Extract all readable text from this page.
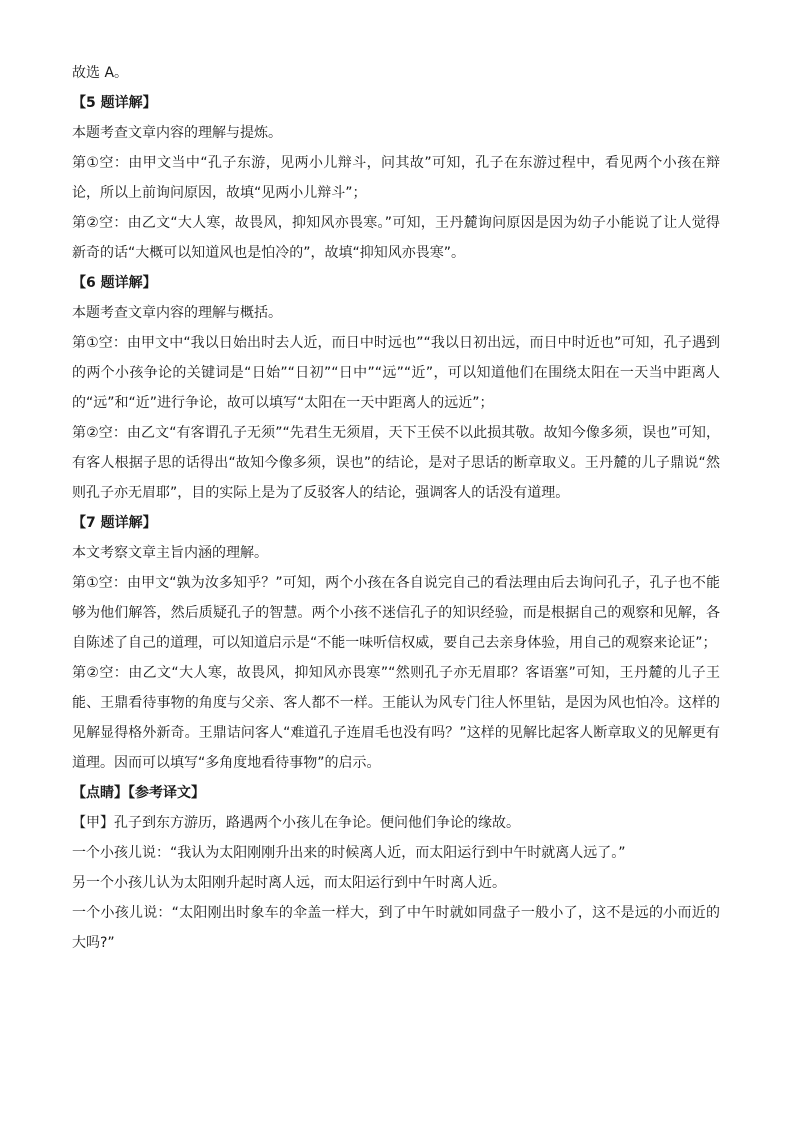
故选 A。

【5 题详解】

本题考查文章内容的理解与提炼。

第①空：由甲文当中“孔子东游，见两小儿辩斗，问其故”可知，孔子在东游过程中，看见两个小孩在辩论，所以上前询问原因，故填“见两小儿辩斗”；

第②空：由乙文“大人寒，故畏风，抑知风亦畏寒。”可知，王丹麓询问原因是因为幼子小能说了让人觉得新奇的话“大概可以知道风也是怕冷的”，故填“抑知风亦畏寒”。

【6 题详解】

本题考查文章内容的理解与概括。

第①空：由甲文中“我以日始出时去人近，而日中时远也”“我以日初出远，而日中时近也”可知，孔子遇到的两个小孩争论的关键词是“日始”“日初”“日中”“远”“近”，可以知道他们在围绕太阳在一天当中距离人的“远”和“近”进行争论，故可以填写“太阳在一天中距离人的远近”；

第②空：由乙文“有客谓孔子无须”“先君生无须眉，天下王侯不以此损其敬。故知今像多须，误也”可知，有客人根据子思的话得出“故知今像多须，误也”的结论，是对子思话的断章取义。王丹麓的儿子鼎说“然则孔子亦无眉耶”，目的实际上是为了反驳客人的结论，强调客人的话没有道理。

【7 题详解】

本文考察文章主旨内涵的理解。

第①空：由甲文“孰为汝多知乎？”可知，两个小孩在各自说完自己的看法理由后去询问孔子，孔子也不能够为他们解答，然后质疑孔子的智慧。两个小孩不迷信孔子的知识经验，而是根据自己的观察和见解，各自陈述了自己的道理，可以知道启示是“不能一味听信权威，要自己去亲身体验，用自己的观察来论证”；

第②空：由乙文“大人寒，故畏风，抑知风亦畏寒”“然则孔子亦无眉耶？客语塞”可知，王丹麓的儿子王能、王鼎看待事物的角度与父亲、客人都不一样。王能认为风专门往人怀里钻，是因为风也怕冷。这样的见解显得格外新奇。王鼎诘问客人“难道孔子连眉毛也没有吗？”这样的见解比起客人断章取义的见解更有道理。因而可以填写“多角度地看待事物”的启示。

【点睛】【参考译文】

【甲】孔子到东方游历，路遇两个小孩儿在争论。便问他们争论的缘故。

一个小孩儿说：“我认为太阳刚刚升出来的时候离人近，而太阳运行到中午时就离人远了。”

另一个小孩儿认为太阳刚升起时离人远，而太阳运行到中午时离人近。

一个小孩儿说：“太阳刚出时象车的伞盖一样大，到了中午时就如同盘子一般小了，这不是远的小而近的大吗?”
